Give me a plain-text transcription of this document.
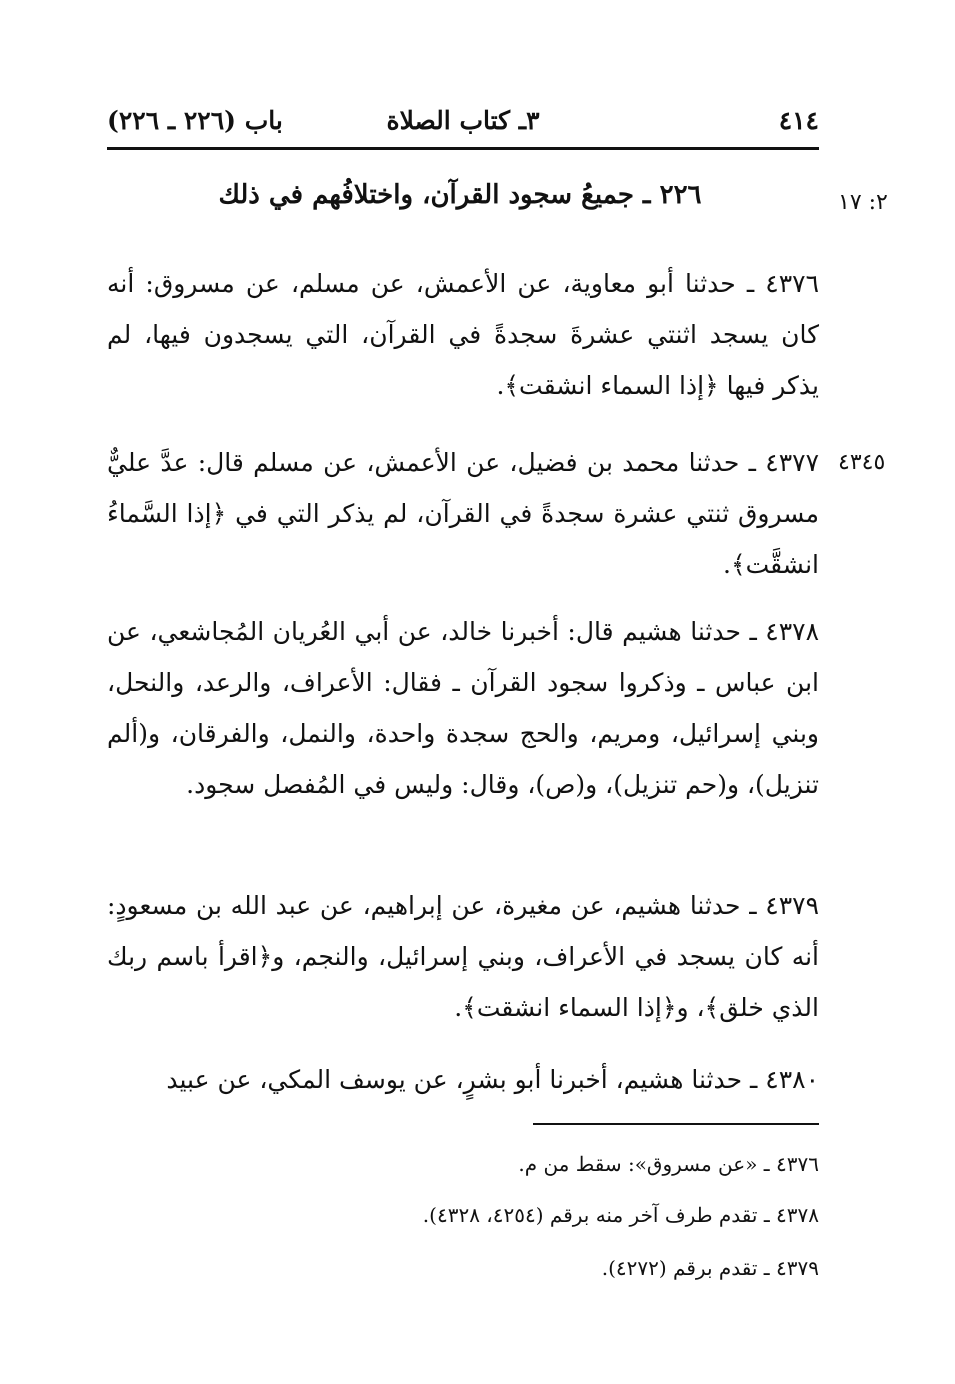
٤١٤
٣ـ كتاب الصلاة
باب (٢٢٦ ـ ٢٢٦)
٢: ١٧
٢٢٦ ـ جميعُ سجود القرآن، واختلافُهم في ذلك
٤٣٧٦ ـ حدثنا أبو معاوية، عن الأعمش، عن مسلم، عن مسروق: أنه كان يسجد اثنتي عشرةَ سجدةً في القرآن، التي يسجدون فيها، لم يذكر فيها ﴿إذا السماء انشقت﴾.
٤٣٤٥
٤٣٧٧ ـ حدثنا محمد بن فضيل، عن الأعمش، عن مسلم قال: عدَّ عليٌّ مسروق ثنتي عشرة سجدةً في القرآن، لم يذكر التي في ﴿إذا السَّماءُ انشقَّت﴾.
٤٣٧٨ ـ حدثنا هشيم قال: أخبرنا خالد، عن أبي العُريان المُجاشعي، عن ابن عباس ـ وذكروا سجود القرآن ـ فقال: الأعراف، والرعد، والنحل، وبني إسرائيل، ومريم، والحج سجدة واحدة، والنمل، والفرقان، و(ألم تنزيل)، و(حم تنزيل)، و(ص)، وقال: وليس في المُفصل سجود.
٤٣٧٩ ـ حدثنا هشيم، عن مغيرة، عن إبراهيم، عن عبد الله بن مسعودٍ: أنه كان يسجد في الأعراف، وبني إسرائيل، والنجم، و﴿اقرأ باسم ربك الذي خلق﴾، و﴿إذا السماء انشقت﴾.
٤٣٨٠ ـ حدثنا هشيم، أخبرنا أبو بشرٍ، عن يوسف المكي، عن عبيد
٤٣٧٦ ـ «عن مسروق»: سقط من م.
٤٣٧٨ ـ تقدم طرف آخر منه برقم (٤٢٥٤، ٤٣٢٨).
٤٣٧٩ ـ تقدم برقم (٤٢٧٢).
